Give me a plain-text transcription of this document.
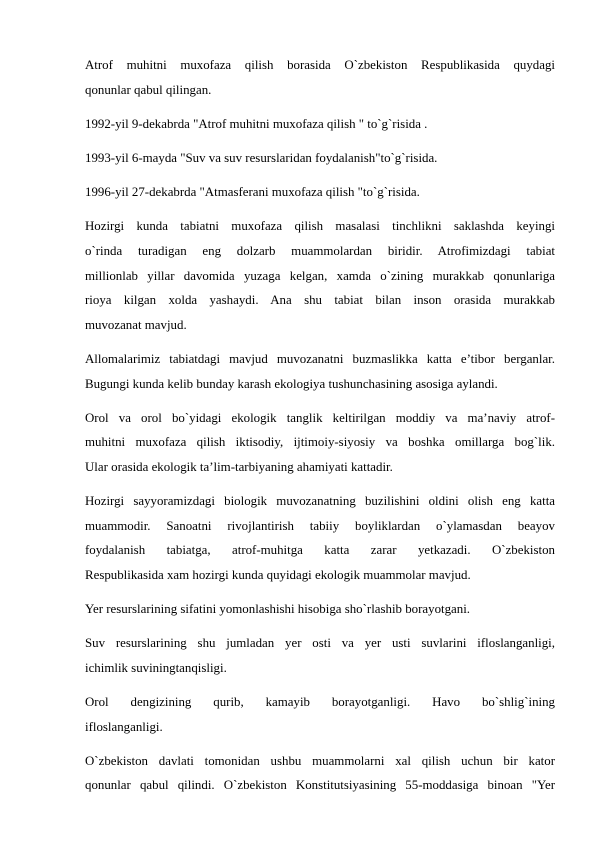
Atrof muhitni muxofaza qilish borasida O`zbekiston Respublikasida quydagi
qonunlar qabul qilingan.
1992-yil 9-dekabrda "Atrof muhitni muxofaza qilish " to`g`risida .
1993-yil 6-mayda "Suv va suv resurslaridan foydalanish"to`g`risida.
1996-yil 27-dekabrda "Atmasferani muxofaza qilish "to`g`risida.
Hozirgi kunda tabiatni muxofaza qilish masalasi tinchlikni saklashda keyingi
o`rinda turadigan eng dolzarb muammolardan biridir. Atrofimizdagi tabiat
millionlab yillar davomida yuzaga kelgan, xamda o`zining murakkab qonunlariga
rioya kilgan xolda yashaydi. Ana shu tabiat bilan inson orasida murakkab
muvozanat mavjud.
Allomalarimiz tabiatdagi mavjud muvozanatni buzmaslikka katta e’tibor berganlar.
Bugungi kunda kelib bunday karash ekologiya tushunchasining asosiga aylandi.
Orol va orol bo`yidagi ekologik tanglik keltirilgan moddiy va ma’naviy atrof-
muhitni muxofaza qilish iktisodiy, ijtimoiy-siyosiy va boshka omillarga bog`lik.
Ular orasida ekologik ta’lim-tarbiyaning ahamiyati kattadir.
Hozirgi sayyoramizdagi biologik muvozanatning buzilishini oldini olish eng katta
muammodir. Sanoatni rivojlantirish tabiiy boyliklardan o`ylamasdan beayov
foydalanish tabiatga, atrof-muhitga katta zarar yetkazadi. O`zbekiston
Respublikasida xam hozirgi kunda quyidagi ekologik muammolar mavjud.
Yer resurslarining sifatini yomonlashishi hisobiga sho`rlashib borayotgani.
Suv resurslarining shu jumladan yer osti va yer usti suvlarini ifloslanganligi,
ichimlik suviningtanqisligi.
Orol dengizining qurib, kamayib borayotganligi. Havo bo`shlig`ining
ifloslanganligi.
O`zbekiston davlati tomonidan ushbu muammolarni xal qilish uchun bir kator
qonunlar qabul qilindi. O`zbekiston Konstitutsiyasining 55-moddasiga binoan "Yer
